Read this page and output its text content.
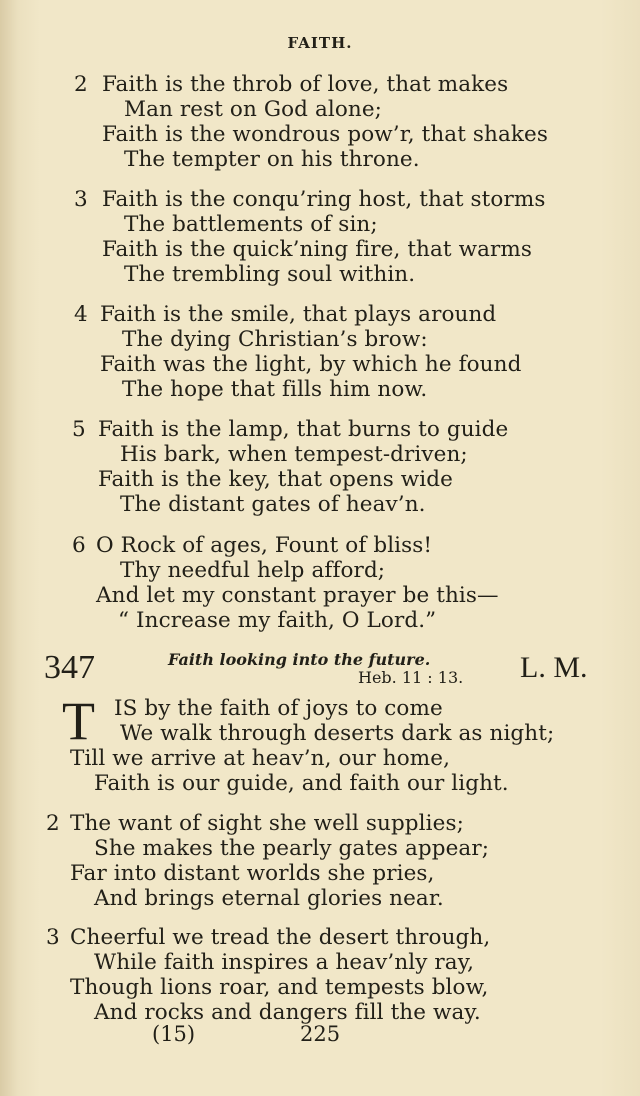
FAITH.
2 Faith is the throb of love, that makes
Man rest on God alone;
Faith is the wondrous pow’r, that shakes
The tempter on his throne.
3 Faith is the conqu’ring host, that storms
The battlements of sin;
Faith is the quick’ning fire, that warms
The trembling soul within.
4 Faith is the smile, that plays around
The dying Christian’s brow:
Faith was the light, by which he found
The hope that fills him now.
5 Faith is the lamp, that burns to guide
His bark, when tempest-driven;
Faith is the key, that opens wide
The distant gates of heav’n.
6 O Rock of ages, Fount of bliss!
Thy needful help afford;
And let my constant prayer be this—
“ Increase my faith, O Lord.”
347	Faith looking into the future.
Heb. 11 : 13. L. M.
T IS by the faith of joys to come
We walk through deserts dark as night;
Till we arrive at heav’n, our home,
Faith is our guide, and faith our light.
2 The want of sight she well supplies;
She makes the pearly gates appear;
Far into distant worlds she pries,
And brings eternal glories near.
3 Cheerful we tread the desert through,
While faith inspires a heav’nly ray,
Though lions roar, and tempests blow,
And rocks and dangers fill the way.
(15)	225
